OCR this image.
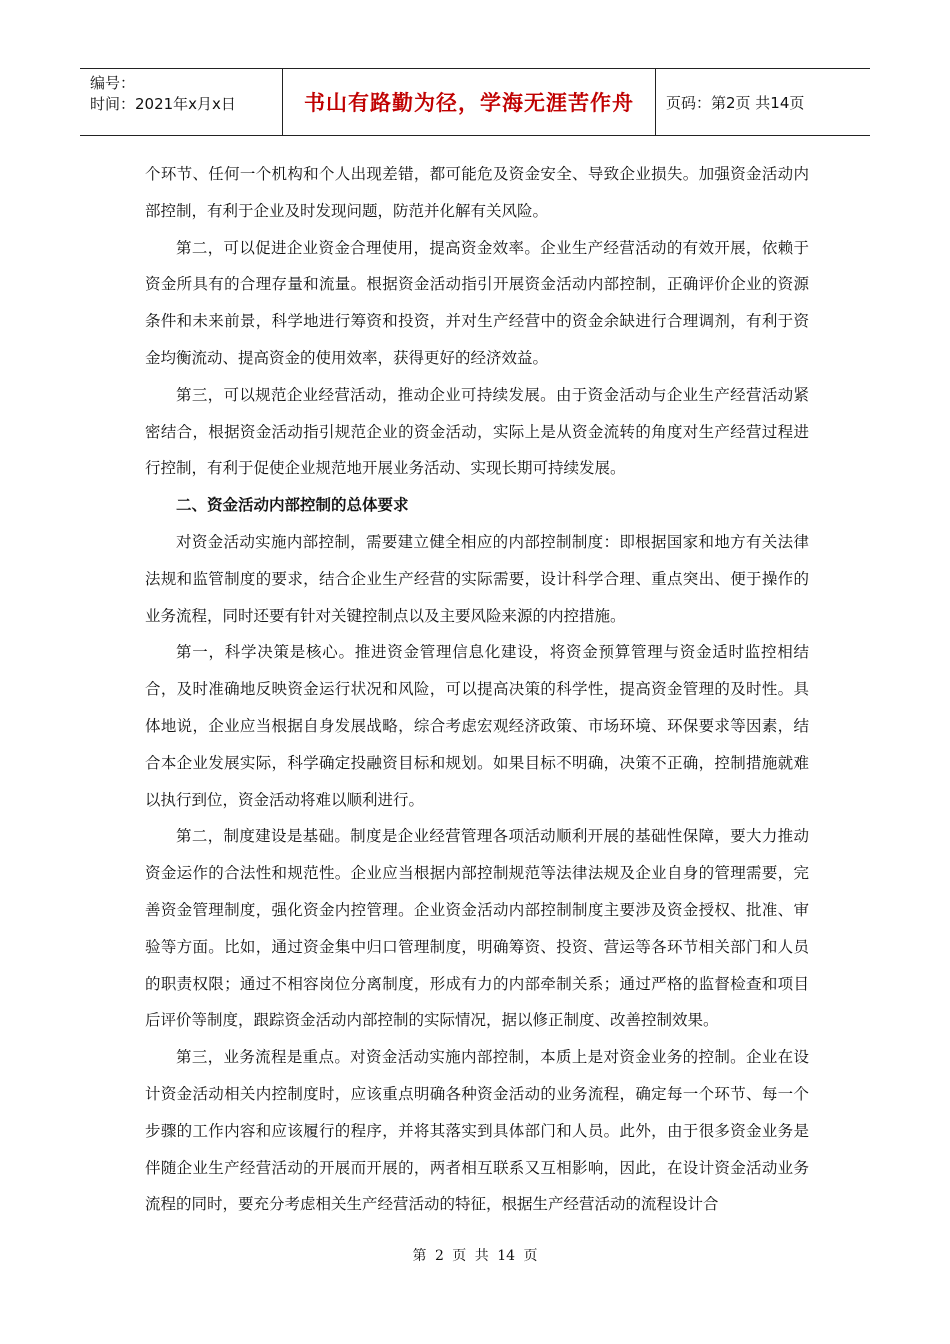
编号：
时间：2021年x月x日	书山有路勤为径，学海无涯苦作舟 页码：第2页 共14页

个环节、任何一个机构和个人出现差错，都可能危及资金安全、导致企业损失。加强资金活动内部控制，有利于企业及时发现问题，防范并化解有关风险。

第二，可以促进企业资金合理使用，提高资金效率。企业生产经营活动的有效开展，依赖于资金所具有的合理存量和流量。根据资金活动指引开展资金活动内部控制，正确评价企业的资源条件和未来前景，科学地进行筹资和投资，并对生产经营中的资金余缺进行合理调剂，有利于资金均衡流动、提高资金的使用效率，获得更好的经济效益。

第三，可以规范企业经营活动，推动企业可持续发展。由于资金活动与企业生产经营活动紧密结合，根据资金活动指引规范企业的资金活动，实际上是从资金流转的角度对生产经营过程进行控制，有利于促使企业规范地开展业务活动、实现长期可持续发展。

二、资金活动内部控制的总体要求

对资金活动实施内部控制，需要建立健全相应的内部控制制度：即根据国家和地方有关法律法规和监管制度的要求，结合企业生产经营的实际需要，设计科学合理、重点突出、便于操作的业务流程，同时还要有针对关键控制点以及主要风险来源的内控措施。

第一，科学决策是核心。推进资金管理信息化建设，将资金预算管理与资金适时监控相结合，及时准确地反映资金运行状况和风险，可以提高决策的科学性，提高资金管理的及时性。具体地说，企业应当根据自身发展战略，综合考虑宏观经济政策、市场环境、环保要求等因素，结合本企业发展实际，科学确定投融资目标和规划。如果目标不明确，决策不正确，控制措施就难以执行到位，资金活动将难以顺利进行。

第二，制度建设是基础。制度是企业经营管理各项活动顺利开展的基础性保障，要大力推动资金运作的合法性和规范性。企业应当根据内部控制规范等法律法规及企业自身的管理需要，完善资金管理制度，强化资金内控管理。企业资金活动内部控制制度主要涉及资金授权、批准、审验等方面。比如，通过资金集中归口管理制度，明确筹资、投资、营运等各环节相关部门和人员的职责权限；通过不相容岗位分离制度，形成有力的内部牵制关系；通过严格的监督检查和项目后评价等制度，跟踪资金活动内部控制的实际情况，据以修正制度、改善控制效果。

第三，业务流程是重点。对资金活动实施内部控制，本质上是对资金业务的控制。企业在设计资金活动相关内控制度时，应该重点明确各种资金活动的业务流程，确定每一个环节、每一个步骤的工作内容和应该履行的程序，并将其落实到具体部门和人员。此外，由于很多资金业务是伴随企业生产经营活动的开展而开展的，两者相互联系又互相影响，因此，在设计资金活动业务流程的同时，要充分考虑相关生产经营活动的特征，根据生产经营活动的流程设计合

第 2 页 共 14 页
